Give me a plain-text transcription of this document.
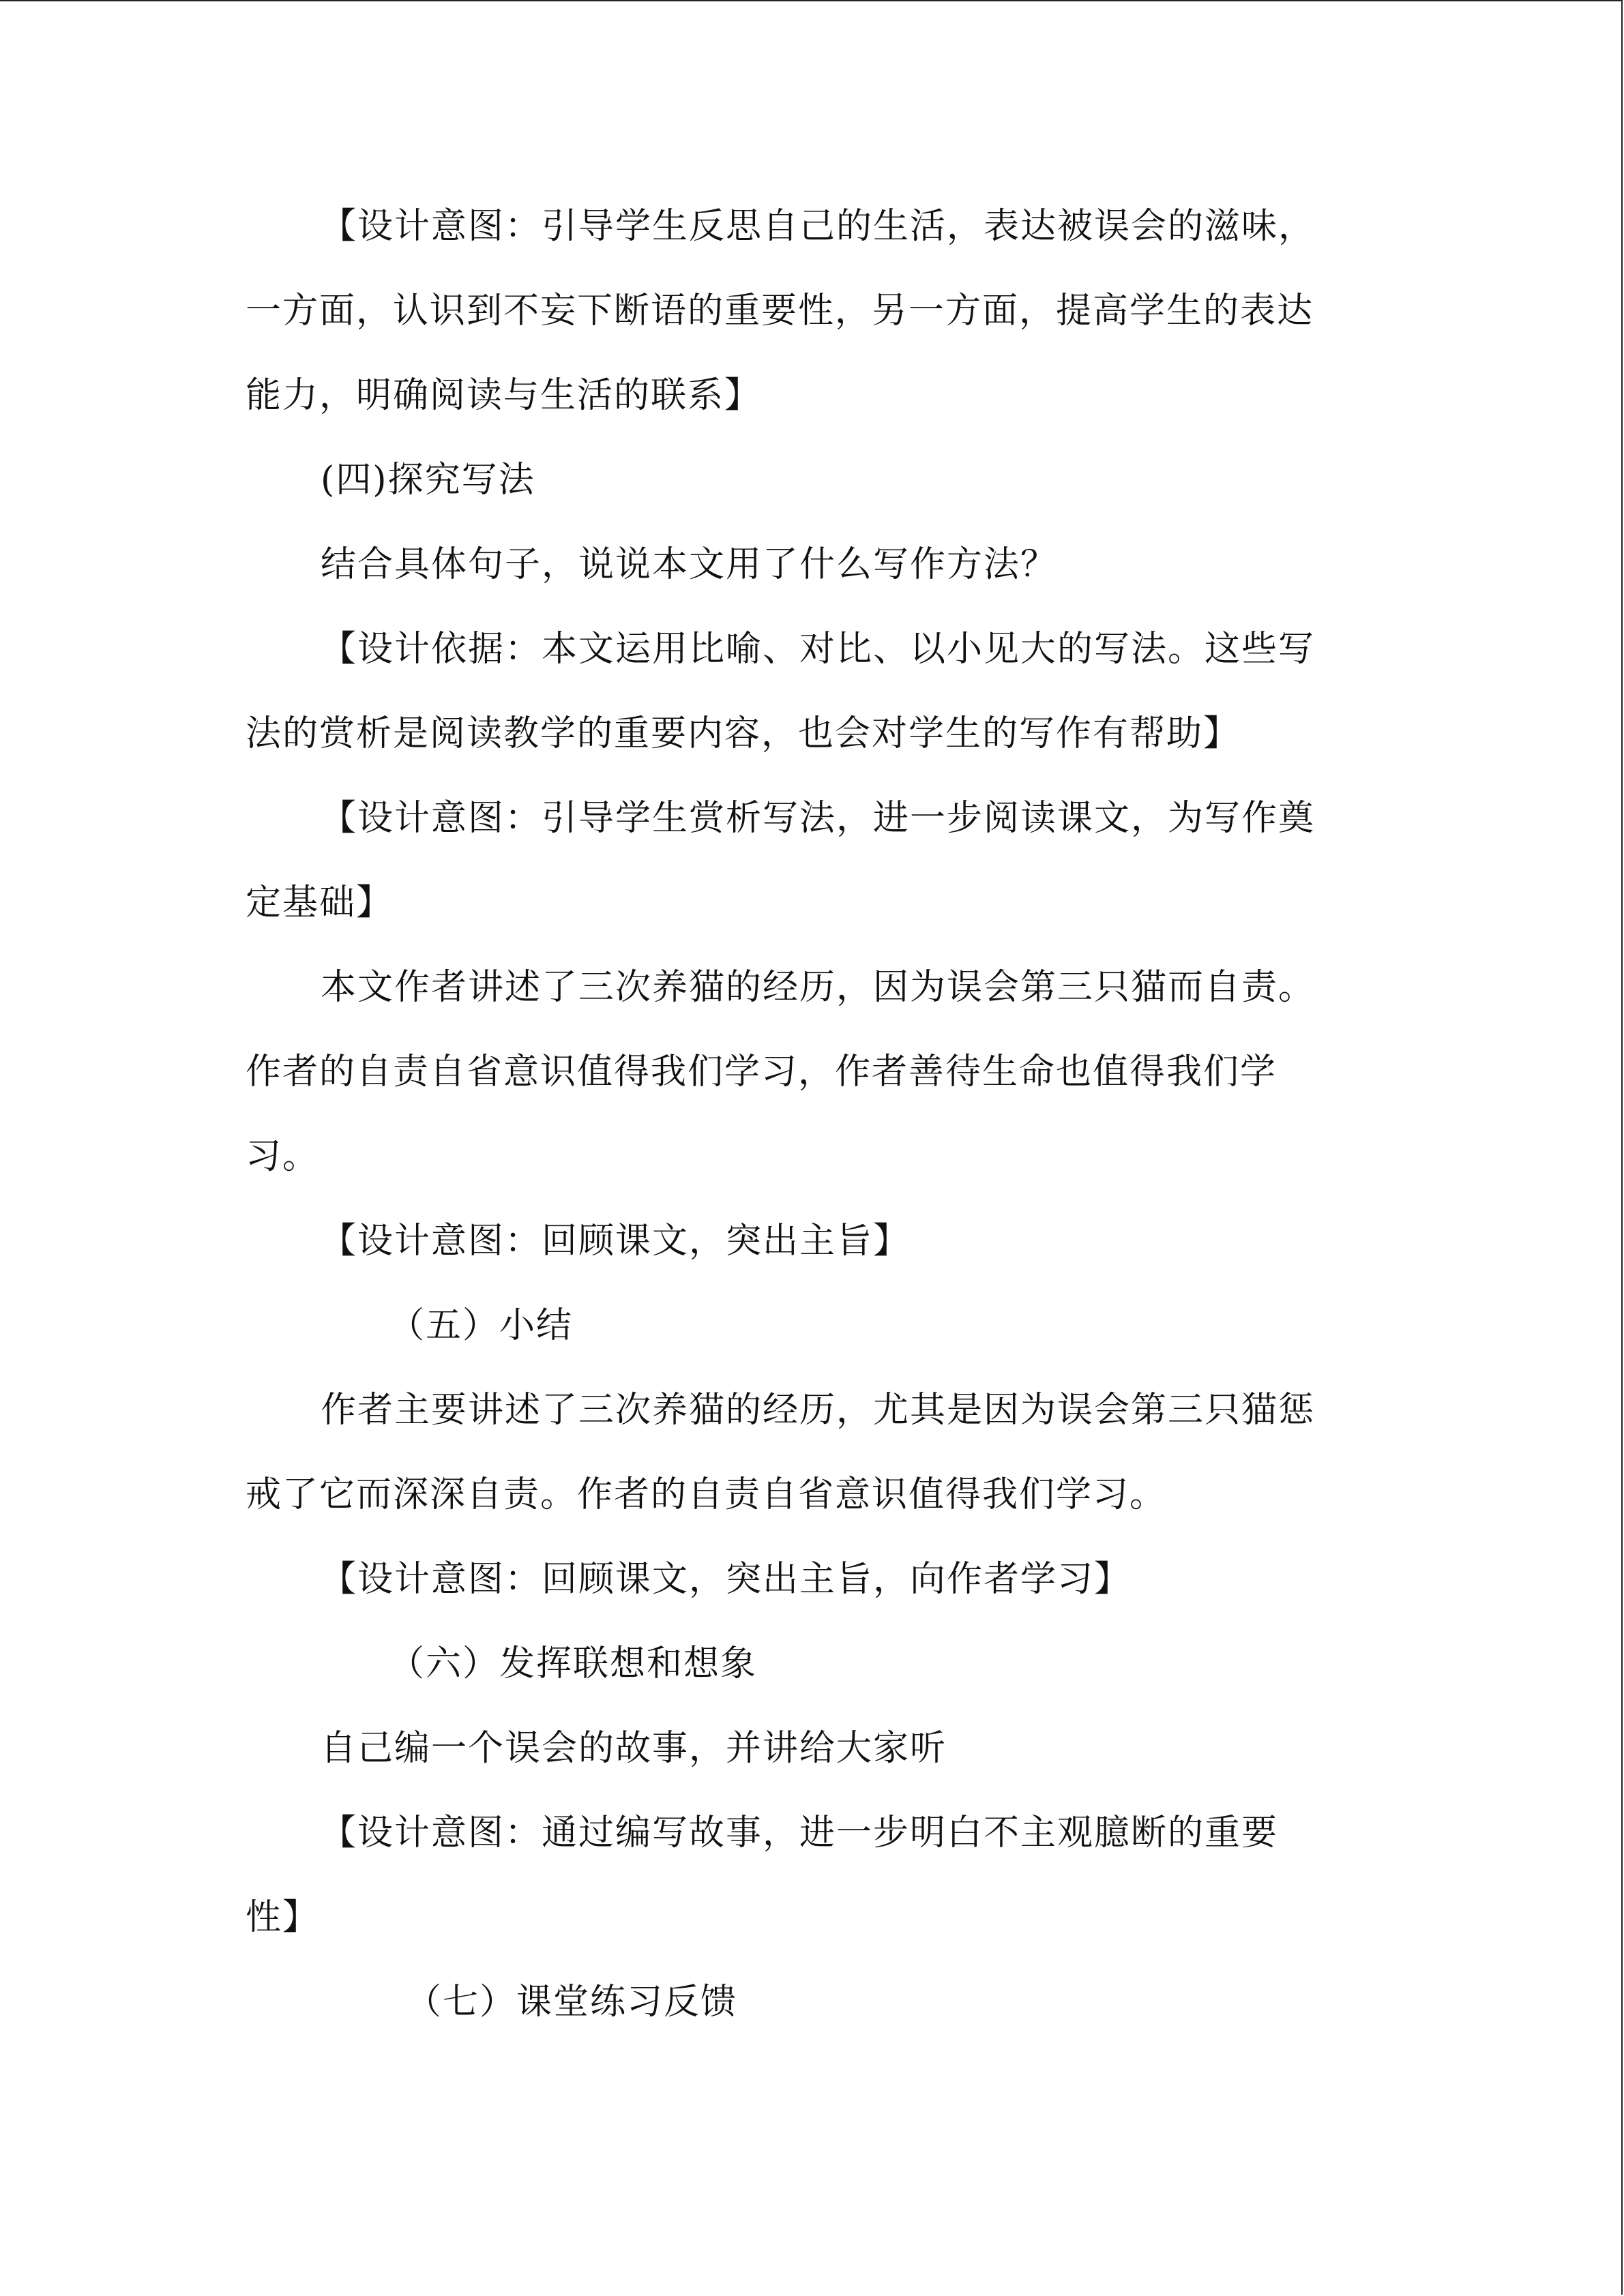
【设计意图：引导学生反思自己的生活，表达被误会的滋味，
一方面，认识到不妄下断语的重要性，另一方面，提高学生的表达
能力，明确阅读与生活的联系】
(四)探究写法
结合具体句子，说说本文用了什么写作方法？
【设计依据：本文运用比喻、对比、以小见大的写法。这些写
法的赏析是阅读教学的重要内容，也会对学生的写作有帮助】
【设计意图：引导学生赏析写法，进一步阅读课文，为写作奠
定基础】
本文作者讲述了三次养猫的经历，因为误会第三只猫而自责。
作者的自责自省意识值得我们学习，作者善待生命也值得我们学
习。
【设计意图：回顾课文，突出主旨】
（五）小结
作者主要讲述了三次养猫的经历，尤其是因为误会第三只猫惩
戒了它而深深自责。作者的自责自省意识值得我们学习。
【设计意图：回顾课文，突出主旨，向作者学习】
（六）发挥联想和想象
自己编一个误会的故事，并讲给大家听
【设计意图：通过编写故事，进一步明白不主观臆断的重要
性】
（七）课堂练习反馈
